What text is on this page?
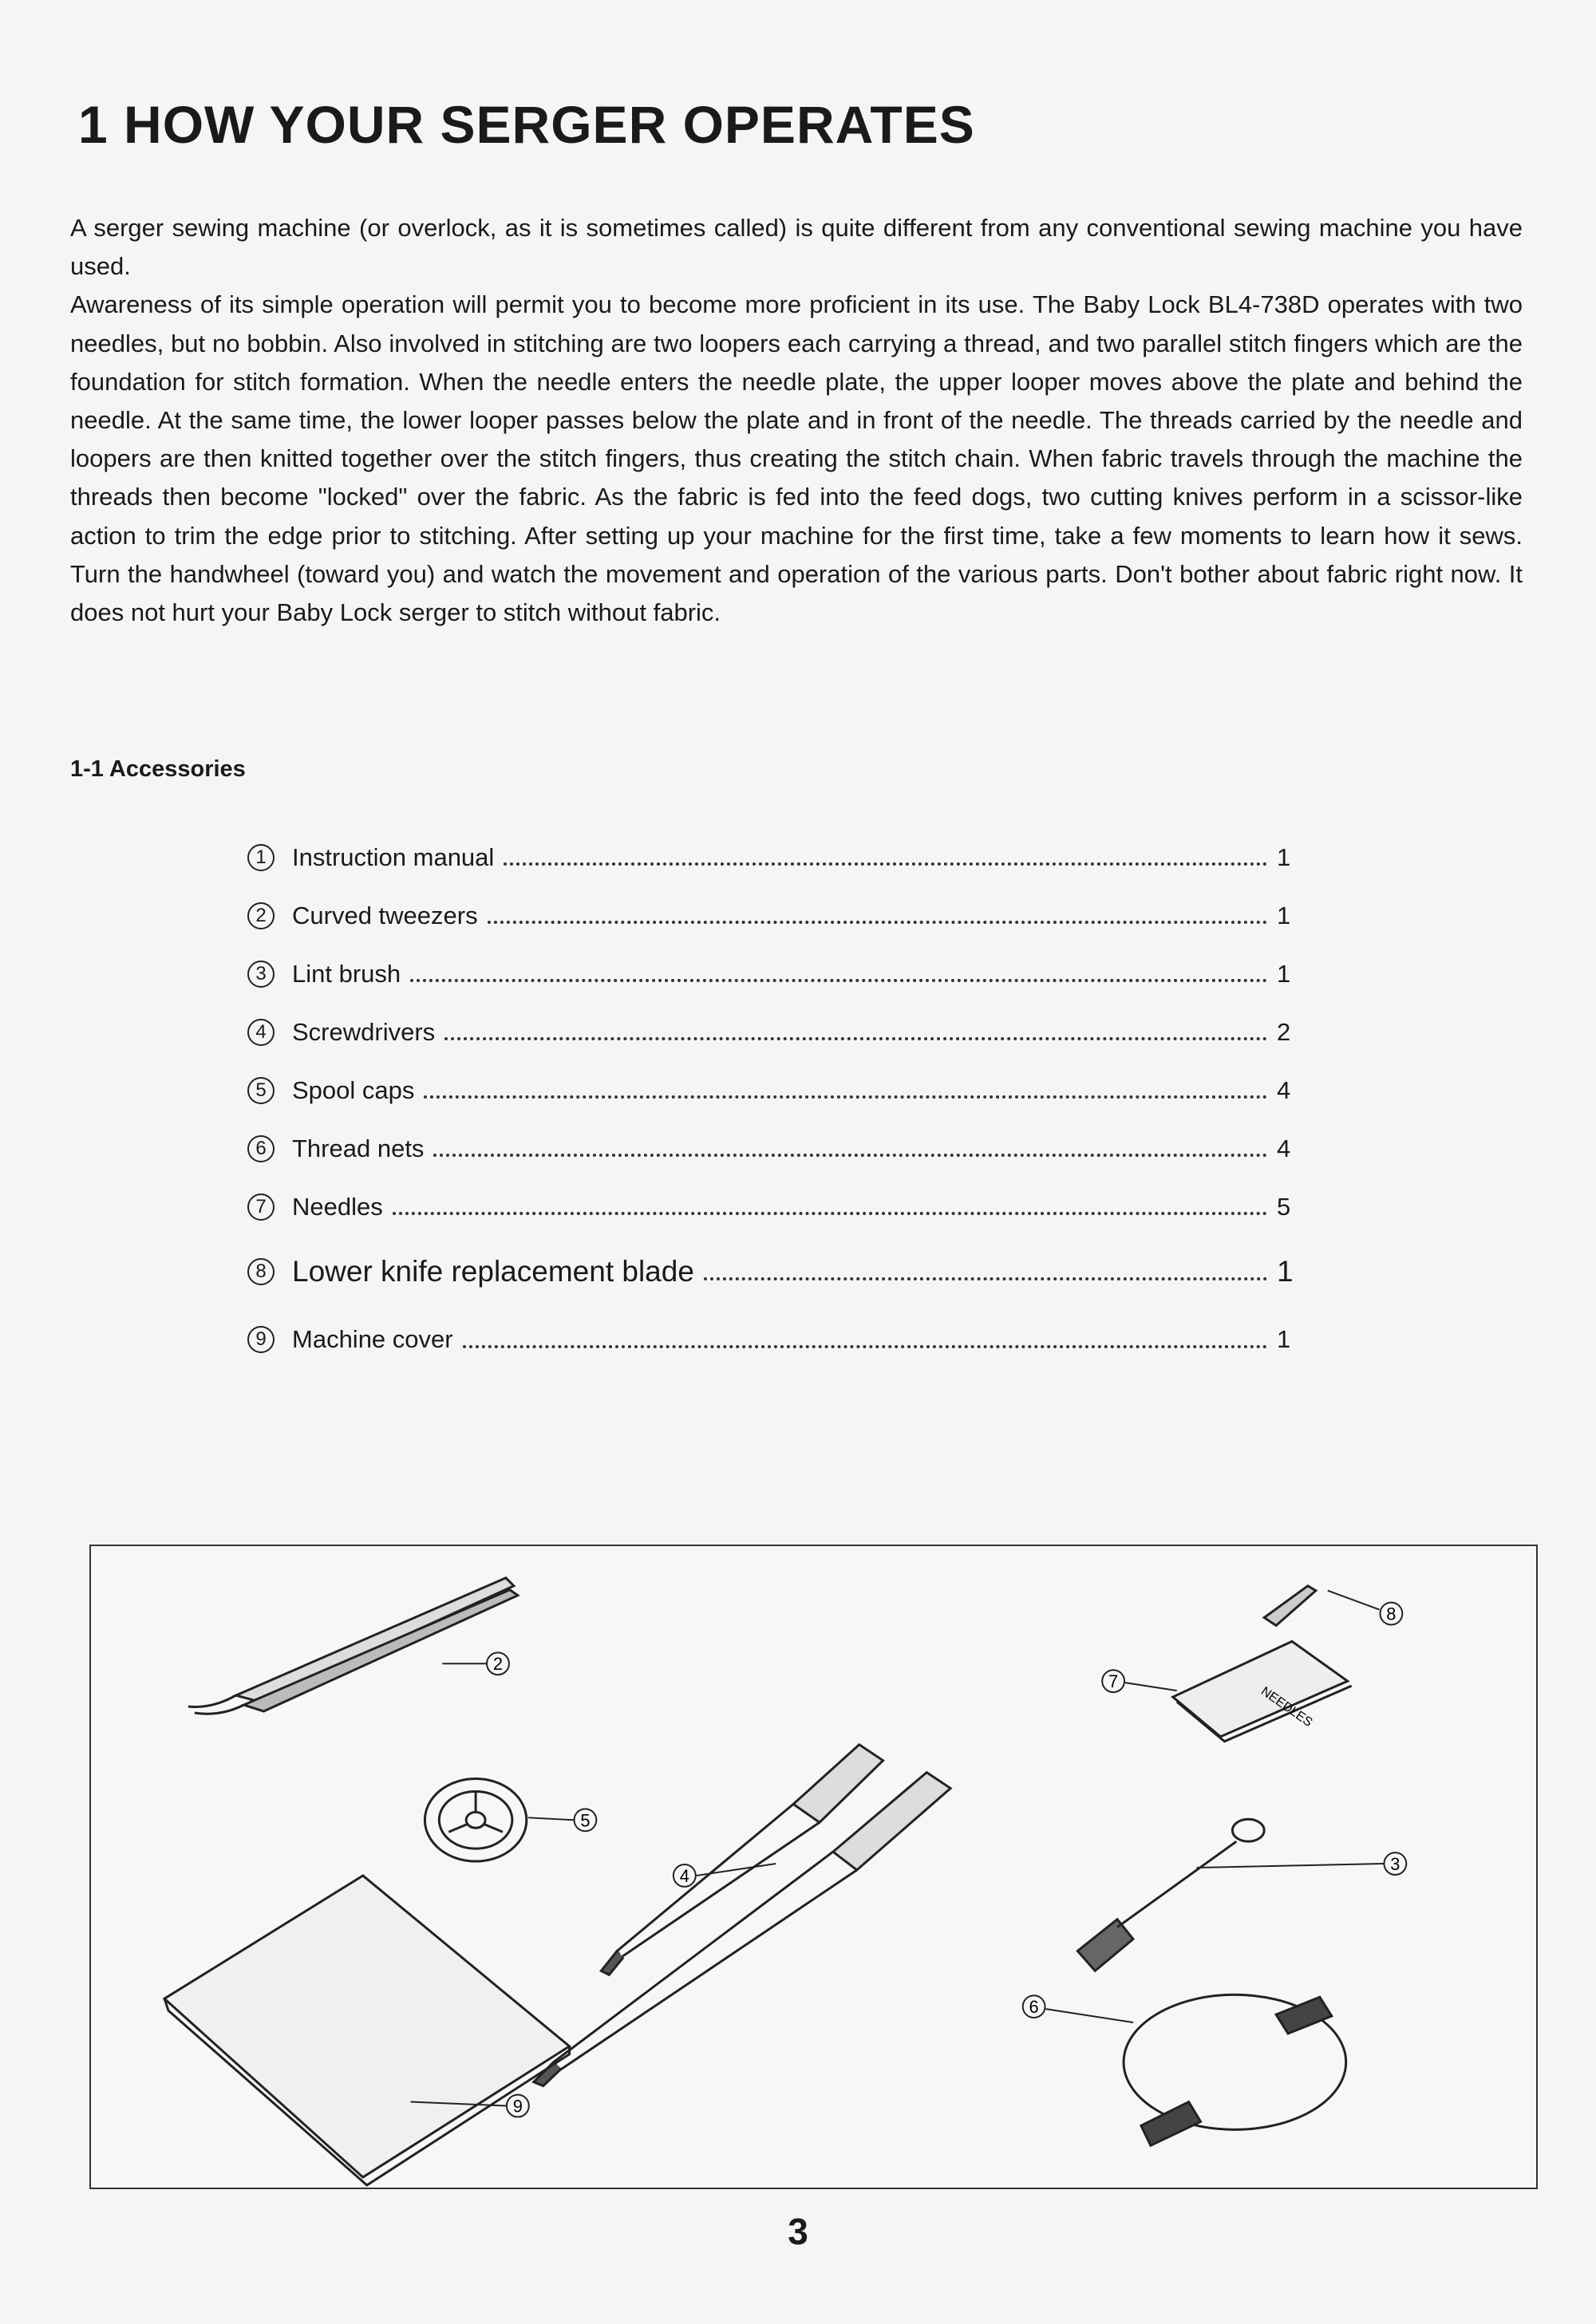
1 HOW YOUR SERGER OPERATES

A serger sewing machine (or overlock, as it is sometimes called) is quite different from any conventional sewing machine you have used.

Awareness of its simple operation will permit you to become more proficient in its use. The Baby Lock BL4-738D operates with two needles, but no bobbin. Also involved in stitching are two loopers each carrying a thread, and two parallel stitch fingers which are the foundation for stitch formation. When the needle enters the needle plate, the upper looper moves above the plate and behind the needle. At the same time, the lower looper passes below the plate and in front of the needle. The threads carried by the needle and loopers are then knitted together over the stitch fingers, thus creating the stitch chain. When fabric travels through the machine the threads then become "locked" over the fabric. As the fabric is fed into the feed dogs, two cutting knives perform in a scissor-like action to trim the edge prior to stitching. After setting up your machine for the first time, take a few moments to learn how it sews. Turn the handwheel (toward you) and watch the movement and operation of the various parts. Don't bother about fabric right now. It does not hurt your Baby Lock serger to stitch without fabric.

1-1 Accessories
1	Instruction manual	1
2	Curved tweezers	1
3	Lint brush	1
4	Screwdrivers	2
5	Spool caps	4
6	Thread nets	4
7	Needles	5
8 Lower knife replacement blade	1
9	Machine cover	1
2
8
7
5
4
3
6
9
NEEDLES
3
